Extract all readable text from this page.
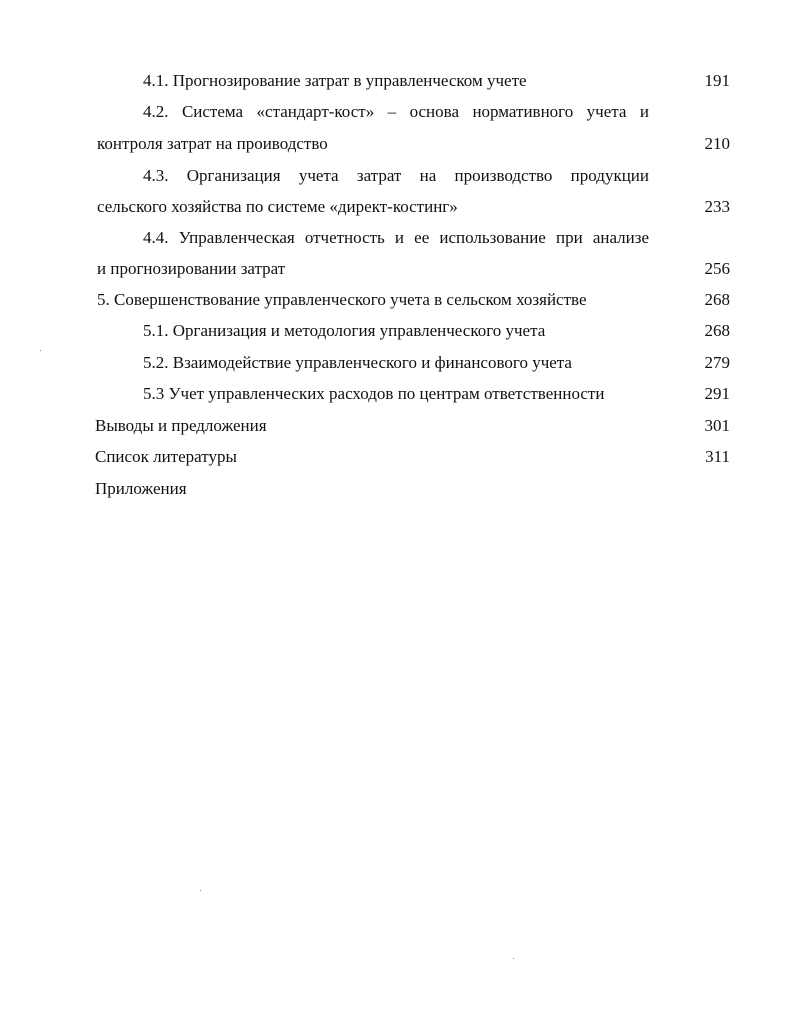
4.1. Прогнозирование затрат в управленческом учете	191
4.2. Система «стандарт-кост» – основа нормативного учета и
контроля затрат на проиводство	210
4.3. Организация учета затрат на производство продукции
сельского хозяйства по системе «директ-костинг»	233
4.4. Управленческая отчетность и ее использование при анализе
и прогнозировании затрат	256
5. Совершенствование управленческого учета в сельском хозяйстве	268
5.1. Организация и методология управленческого учета	268
5.2. Взаимодействие управленческого и финансового учета	279
5.3 Учет управленческих расходов по центрам ответственности	291
Выводы и предложения	301
Список литературы	311
Приложения
